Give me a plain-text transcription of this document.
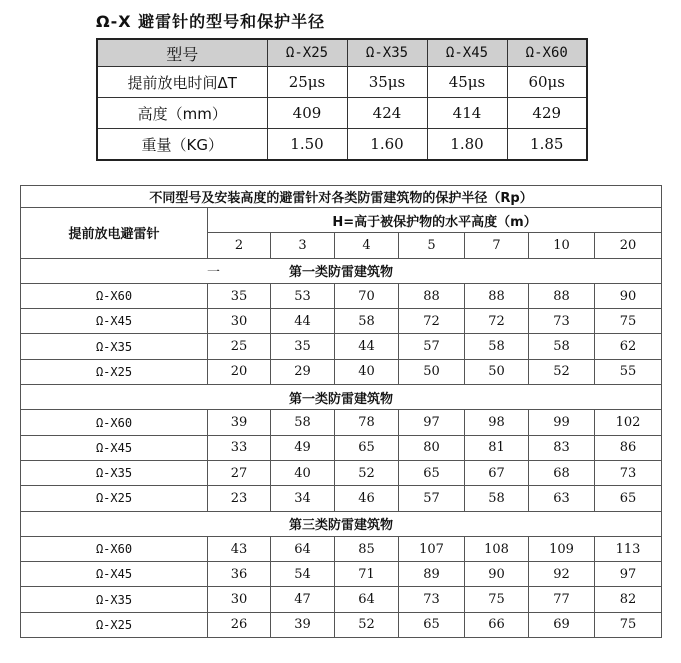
Ω-X 避雷针的型号和保护半径
型号	Ω-X25	Ω-X35	Ω-X45	Ω-X60
提前放电时间ΔT	25μs	35μs	45μs	60μs
高度（mm）	409	424	414	429
重量（KG）	1.50	1.60	1.80	1.85
不同型号及安装高度的避雷针对各类防雷建筑物的保护半径（Rp）							
提前放电避雷针	H=高于被保护物的水平高度（m）						
	2	3	4	5	7	10	20

一 第一类防雷建筑物							
Ω-X60	35	53	70	88	88	88	90
Ω-X45	30	44	58	72	72	73	75
Ω-X35	25	35	44	57	58	58	62
Ω-X25	20	29	40	50	50	52	55
第一类防雷建筑物							
Ω-X60	39	58	78	97	98	99	102
Ω-X45	33	49	65	80	81	83	86
Ω-X35	27	40	52	65	67	68	73
Ω-X25	23	34	46	57	58	63	65
第三类防雷建筑物							
Ω-X60	43	64	85	107	108	109	113
Ω-X45	36	54	71	89	90	92	97
Ω-X35	30	47	64	73	75	77	82
Ω-X25	26	39	52	65	66	69	75
